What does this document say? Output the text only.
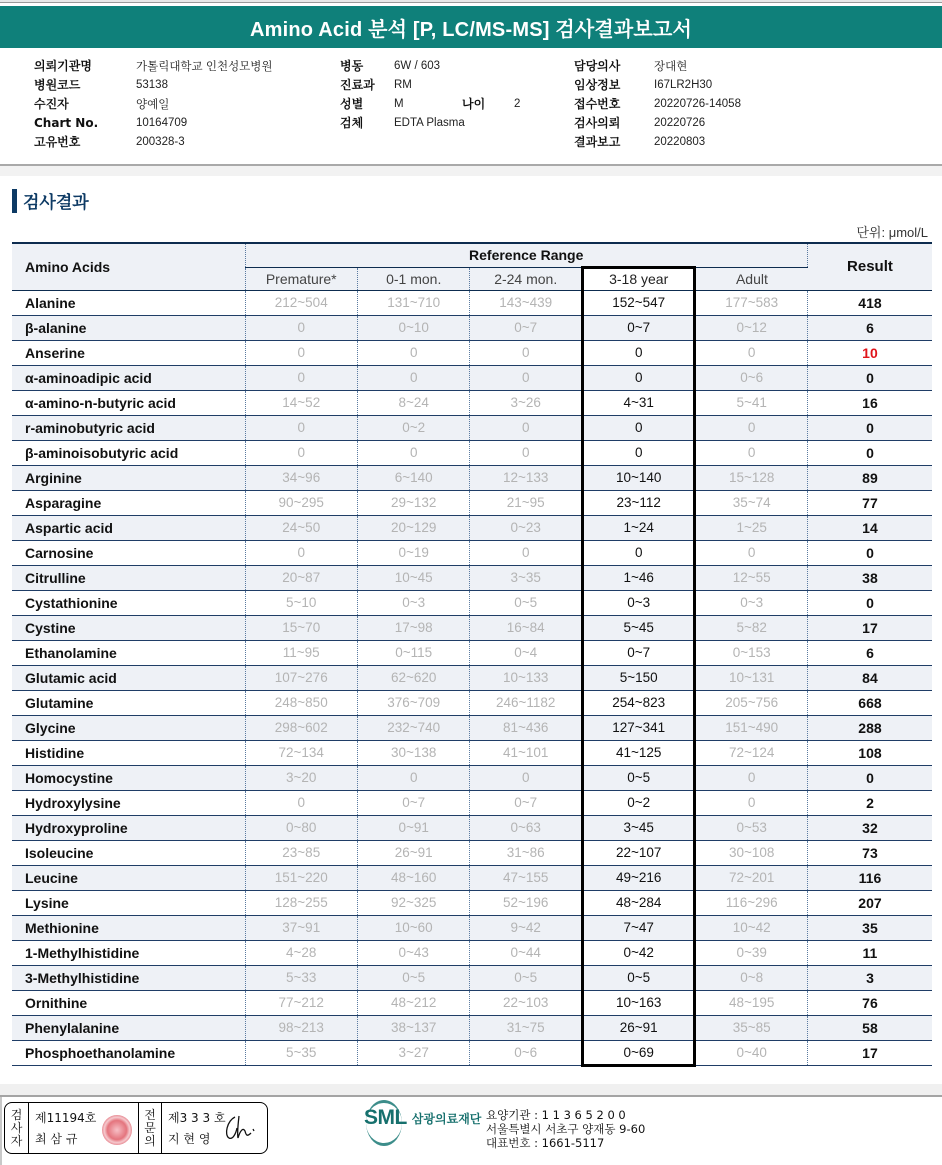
Amino Acid 분석 [P, LC/MS-MS] 검사결과보고서
의뢰기관명	가톨릭대학교 인천성모병원
병원코드	53138
수진자	양예일
Chart No.	10164709
고유번호	200328-3
병동	6W / 603
진료과	RM
성별	M	나이	2
검체	EDTA Plasma
담당의사	장대현
임상정보	I67LR2H30
접수번호	20220726-14058
검사의뢰	20220726
결과보고	20220803
검사결과
단위: μmol/L
Amino Acids	Reference Range					Result
	Premature*	0-1 mon.	2-24 mon.	3-18 year	Adult	
Alanine	212~504	131~710	143~439	152~547	177~583	418
β-alanine	0	0~10	0~7	0~7	0~12	6
Anserine	0	0	0	0	0	10
α-aminoadipic acid	0	0	0	0	0~6	0
α-amino-n-butyric acid	14~52	8~24	3~26	4~31	5~41	16
r-aminobutyric acid	0	0~2	0	0	0	0
β-aminoisobutyric acid	0	0	0	0	0	0
Arginine	34~96	6~140	12~133	10~140	15~128	89
Asparagine	90~295	29~132	21~95	23~112	35~74	77
Aspartic acid	24~50	20~129	0~23	1~24	1~25	14
Carnosine	0	0~19	0	0	0	0
Citrulline	20~87	10~45	3~35	1~46	12~55	38
Cystathionine	5~10	0~3	0~5	0~3	0~3	0
Cystine	15~70	17~98	16~84	5~45	5~82	17
Ethanolamine	11~95	0~115	0~4	0~7	0~153	6
Glutamic acid	107~276	62~620	10~133	5~150	10~131	84
Glutamine	248~850	376~709	246~1182	254~823	205~756	668
Glycine	298~602	232~740	81~436	127~341	151~490	288
Histidine	72~134	30~138	41~101	41~125	72~124	108
Homocystine	3~20	0	0	0~5	0	0
Hydroxylysine	0	0~7	0~7	0~2	0	2
Hydroxyproline	0~80	0~91	0~63	3~45	0~53	32
Isoleucine	23~85	26~91	31~86	22~107	30~108	73
Leucine	151~220	48~160	47~155	49~216	72~201	116
Lysine	128~255	92~325	52~196	48~284	116~296	207
Methionine	37~91	10~60	9~42	7~47	10~42	35
1-Methylhistidine	4~28	0~43	0~44	0~42	0~39	11
3-Methylhistidine	5~33	0~5	0~5	0~5	0~8	3
Ornithine	77~212	48~212	22~103	10~163	48~195	76
Phenylalanine	98~213	38~137	31~75	26~91	35~85	58
Phosphoethanolamine	5~35	3~27	0~6	0~69	0~40	17
검
사
자
제11194호
최 삼 규
전
문
의
제3 3 3 호
지 현 영
SML 삼광의료재단 요양기관 : 1 1 3 6 5 2 0 0
서울특별시 서초구 양재동 9-60
대표번호 : 1661-5117
